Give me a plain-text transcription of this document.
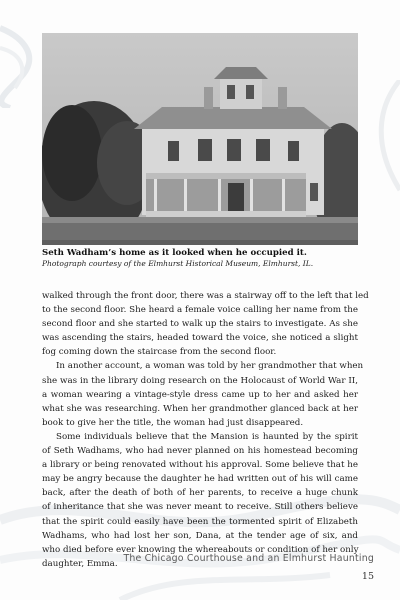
Seth Wadham’s home as it looked when he occupied it.
Photograph courtesy of the Elmhurst Historical Museum, Elmhurst, IL.
walked through the front door, there was a stairway off to the left that led
to the second floor. She heard a female voice calling her name from the
second floor and she started to walk up the stairs to investigate. As she
was ascending the stairs, headed toward the voice, she noticed a slight
fog coming down the staircase from the second floor.
In another account, a woman was told by her grandmother that when
she was in the library doing research on the Holocaust of World War II,
a woman wearing a vintage-style dress came up to her and asked her
what she was researching. When her grandmother glanced back at her
book to give her the title, the woman had just disappeared.
Some individuals believe that the Mansion is haunted by the spirit
of Seth Wadhams, who had never planned on his homestead becoming
a library or being renovated without his approval. Some believe that he
may be angry because the daughter he had written out of his will came
back, after the death of both of her parents, to receive a huge chunk
of inheritance that she was never meant to receive. Still others believe
that the spirit could easily have been the tormented spirit of Elizabeth
Wadhams, who had lost her son, Dana, at the tender age of six, and
who died before ever knowing the whereabouts or condition of her only
daughter, Emma. The Chicago Courthouse and an Elmhurst Haunting
15
